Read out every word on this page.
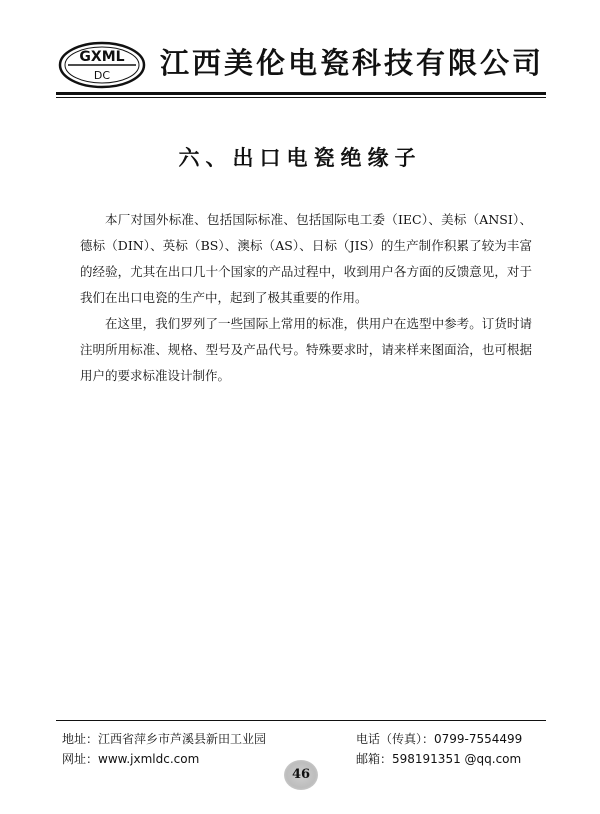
GXML
DC 江西美伦电瓷科技有限公司
六、出口电瓷绝缘子

本厂对国外标准、包括国际标准、包括国际电工委（IEC）、美标（ANSI）、德标（DIN）、英标（BS）、澳标（AS）、日标（JIS）的生产制作积累了较为丰富的经验，尤其在出口几十个国家的产品过程中，收到用户各方面的反馈意见，对于我们在出口电瓷的生产中，起到了极其重要的作用。

在这里，我们罗列了一些国际上常用的标准，供用户在选型中参考。订货时请注明所用标准、规格、型号及产品代号。特殊要求时，请来样来图面洽，也可根据用户的要求标准设计制作。

地址：江西省萍乡市芦溪县新田工业园
网址：www.jxmldc.com
电话（传真）：0799-7554499
邮箱：598191351 @qq.com
46
